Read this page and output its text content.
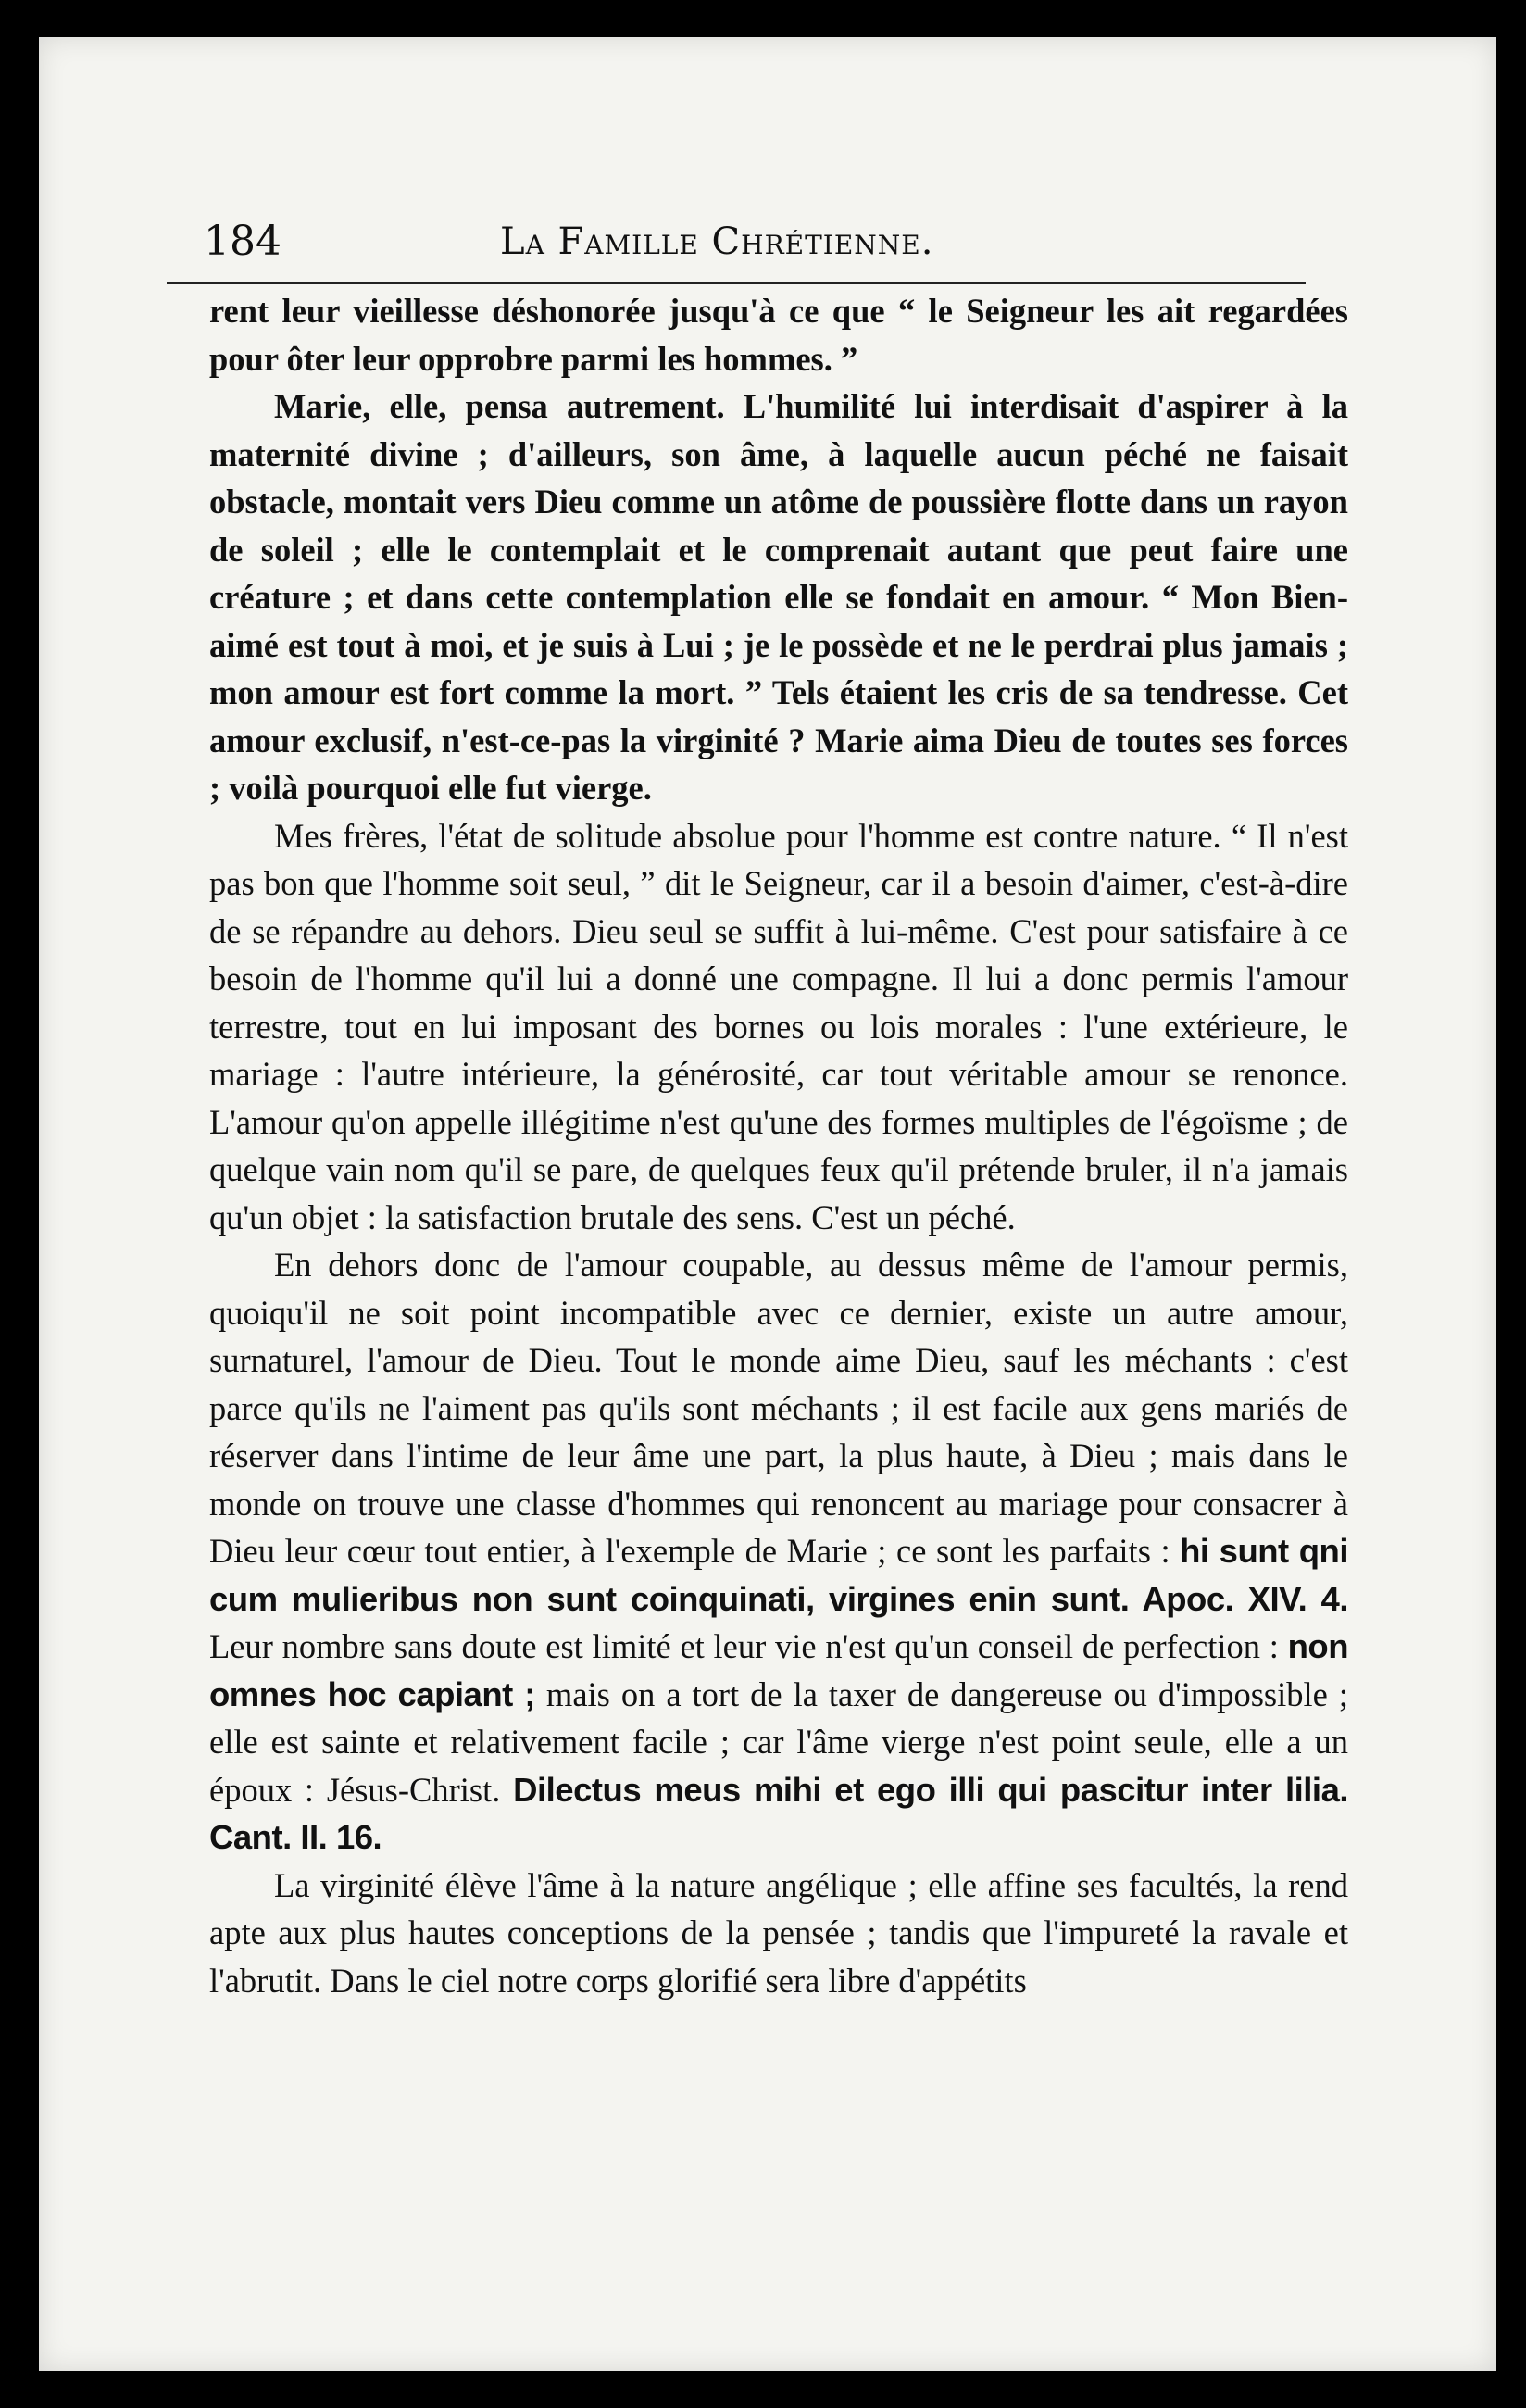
184	La Famille Chrétienne.

rent leur vieillesse déshonorée jusqu'à ce que “ le Seigneur les ait regardées pour ôter leur opprobre parmi les hommes. ”

Marie, elle, pensa autrement. L'humilité lui interdisait d'aspirer à la maternité divine ; d'ailleurs, son âme, à laquelle aucun péché ne faisait obstacle, montait vers Dieu comme un atôme de poussière flotte dans un rayon de soleil ; elle le contemplait et le comprenait autant que peut faire une créature ; et dans cette contemplation elle se fondait en amour. “ Mon Bien-aimé est tout à moi, et je suis à Lui ; je le possède et ne le perdrai plus jamais ; mon amour est fort comme la mort. ” Tels étaient les cris de sa tendresse. Cet amour exclusif, n'est-ce-pas la virginité ? Marie aima Dieu de toutes ses forces ; voilà pourquoi elle fut vierge.

Mes frères, l'état de solitude absolue pour l'homme est contre nature. “ Il n'est pas bon que l'homme soit seul, ” dit le Seigneur, car il a besoin d'aimer, c'est-à-dire de se répandre au dehors. Dieu seul se suffit à lui-même. C'est pour satisfaire à ce besoin de l'homme qu'il lui a donné une compagne. Il lui a donc permis l'amour terrestre, tout en lui imposant des bornes ou lois morales : l'une extérieure, le mariage : l'autre intérieure, la générosité, car tout véritable amour se renonce. L'amour qu'on appelle illégitime n'est qu'une des formes multiples de l'égoïsme ; de quelque vain nom qu'il se pare, de quelques feux qu'il prétende bruler, il n'a jamais qu'un objet : la satisfaction brutale des sens. C'est un péché.

En dehors donc de l'amour coupable, au dessus même de l'amour permis, quoiqu'il ne soit point incompatible avec ce dernier, existe un autre amour, surnaturel, l'amour de Dieu. Tout le monde aime Dieu, sauf les méchants : c'est parce qu'ils ne l'aiment pas qu'ils sont méchants ; il est facile aux gens mariés de réserver dans l'intime de leur âme une part, la plus haute, à Dieu ; mais dans le monde on trouve une classe d'hommes qui renoncent au mariage pour consacrer à Dieu leur cœur tout entier, à l'exemple de Marie ; ce sont les parfaits : hi sunt qni cum mulieribus non sunt coinquinati, virgines enin sunt. Apoc. XIV. 4. Leur nombre sans doute est limité et leur vie n'est qu'un conseil de perfection : non omnes hoc capiant ; mais on a tort de la taxer de dangereuse ou d'impossible ; elle est sainte et relativement facile ; car l'âme vierge n'est point seule, elle a un époux : Jésus-Christ. Dilectus meus mihi et ego illi qui pascitur inter lilia. Cant. II. 16.

La virginité élève l'âme à la nature angélique ; elle affine ses facultés, la rend apte aux plus hautes conceptions de la pensée ; tandis que l'impureté la ravale et l'abrutit. Dans le ciel notre corps glorifié sera libre d'appétits
